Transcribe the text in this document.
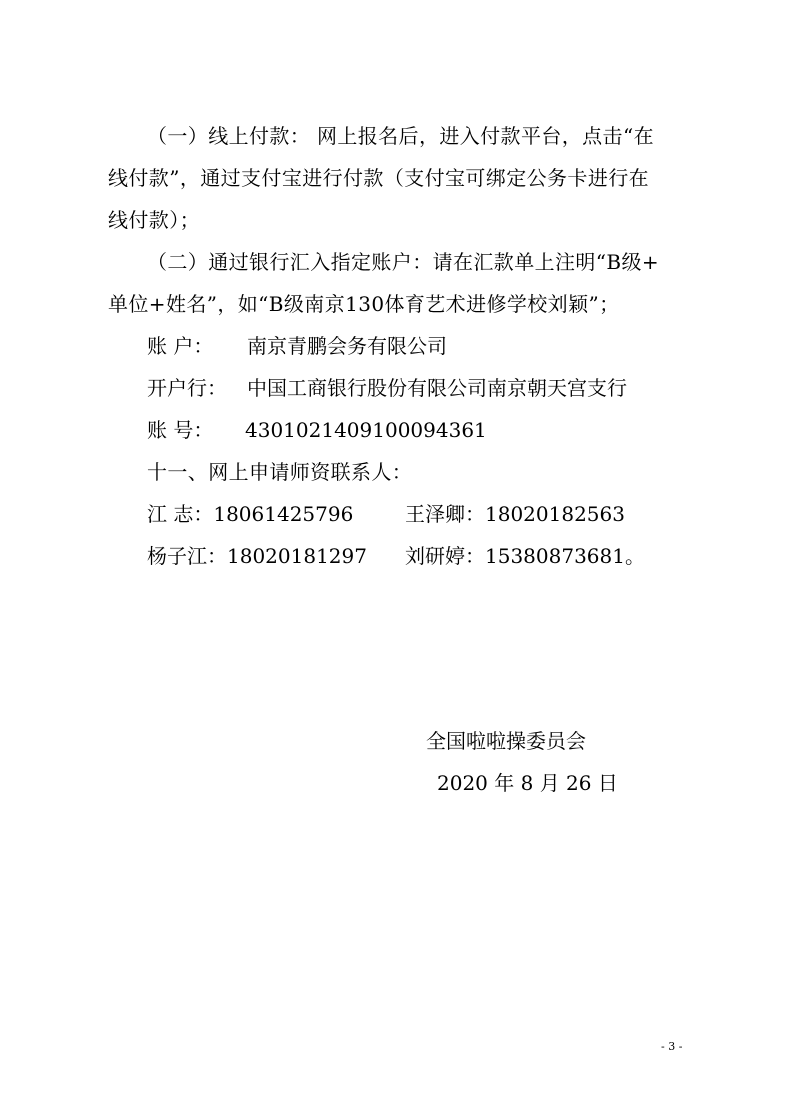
（一）线上付款： 网上报名后，进入付款平台，点击“在
线付款”，通过支付宝进行付款（支付宝可绑定公务卡进行在
线付款）；
（二）通过银行汇入指定账户：请在汇款单上注明“B级+
单位+姓名”，如“B级南京130体育艺术进修学校刘颖”；
账 户： 南京青鹏会务有限公司
开户行： 中国工商银行股份有限公司南京朝天宫支行
账 号： 4301021409100094361
十一、网上申请师资联系人：
江 志：18061425796	王泽卿：18020182563
杨子江：18020181297 刘研婷：15380873681。
全国啦啦操委员会
2020 年 8 月 26 日
- 3 -
